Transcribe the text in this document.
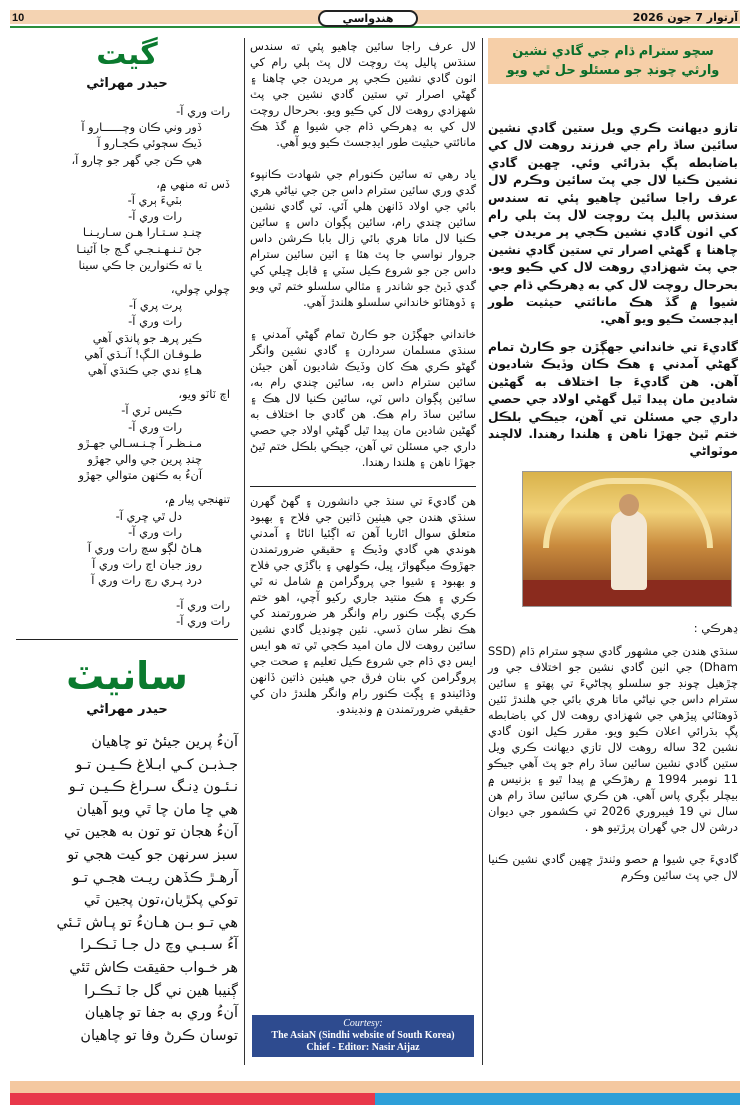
10	هندواسي	آرتوار 7 جون 2026
سچو سترام ڌام جي گادي نشين وارثي چونڊ جو مسئلو حل ٿي ويو

تازو ديهانت ڪري ويل ستين گادي نشين سائين ساڌ رام جي فرزند روهت لال کي باضابطه پڳ بڌرائي وئي. ڇهين گادي نشين ڪنيا لال جي پٽ سائين وڪرم لال عرف راجا سائين چاهيو پئي ته سندس سنڌس پاليل پٽ روچت لال پٽ ٻلي رام کي اٺون گادي نشين ڪجي پر مريدن جي چاهنا ۽ گهڻي اصرار تي ستين گادي نشين جي پٽ شهزادي روهت لال کي ڪيو ويو. بحرحال روچت لال کي به ڍهرڪي ڌام جي شيوا ۾ گڏ هڪ مانائتي حيثيت طور ايڊجسٽ ڪيو ويو آهي.

گاديءَ تي خانداني جهڳڙن جو ڪارڻ تمام گهڻي آمدني ۽ هڪ ڪان وڏيڪ شاديون آهن. هن گاديءَ جا اختلاف به گهڻين شادين مان پيدا ٿيل گهڻي اولاد جي حصي داري جي مسئلن تي آهن، جيڪي بلڪل ختم ٿيڻ جهڙا ناهن ۽ هلندا رهندا. لالچند موٽواڻي

ڍهرڪي :

سنڌي هندن جي مشهور گادي سچو سترام ڌام (SSD Dham) جي اٺين گادي نشين جو اختلاف جي ور چڙهيل چونڊ جو سلسلو پڄاڻيءَ تي پهتو ۽ سائين سترام داس جي نياڻي ماتا هري بائي جي هلندڙ ٽئين ڏوهٽائي پيڙهي جي شهزادي روهت لال کي باضابطه پڳ بڌرائي اعلان ڪيو ويو. مقرر ڪيل اٺون گادي نشين 32 ساله روهت لال تازي ديهانت ڪري ويل ستين گادي نشين سائين ساڌ رام جو پٽ آهي جيڪو 11 نومبر 1994 ۾ رهڙڪي ۾ پيدا ٿيو ۽ بزنيس ۾ بيچلر بڳري پاس آهي. هن ڪري سائين ساڌ رام هن سال ني 19 فيبروري 2026 تي ڪشمور جي ديوان درشن لال جي گهران پرڙتيو هو .

گاديءَ جي شيوا ۾ حصو وٺندڙ ڇهين گادي نشين ڪنيا لال جي پٽ سائين وڪرم

لال عرف راجا سائين چاهيو پئي ته سندس سنڌس پاليل پٽ روچت لال پٽ ٻلي رام کي اٺون گادي نشين ڪجي پر مريدن جي چاهنا ۽ گهڻي اصرار تي ستين گادي نشين جي پٽ شهزادي روهت لال کي ڪيو ويو. بحرحال روچت لال کي به ڍهرڪي ڌام جي شيوا ۾ گڏ هڪ مانائتي حيثيت طور ايڊجسٽ ڪيو ويو آهي.

ياد رهي ته سائين ڪنورام جي شهادت ڪانپوء گدي وري سائين سترام داس جن جي نياڻي هري بائي جي اولاد ڏانهن هلي آئي. ٽي گادي نشين سائين چندي رام، سائين پڳوان داس ۽ سائين ڪنيا لال ماتا هري بائي زال بابا ڪرشن داس جروار نواسي جا پٽ هئا ۽ اٺين سائين سترام داس جن جو شروع ڪيل سٽي ۽ قابل ڇيلي کي گدي ڏيڻ جو شاندر ۽ مثالي سلسلو ختم ٿي ويو ۽ ڏوهٽائو خانداني سلسلو هلندڙ آهي.

خانداني جهڳڙن جو ڪارڻ تمام گهڻي آمدني ۽ سنڌي مسلمان سردارن ۽ گادي نشين وانگر گهڻو ڪري هڪ کان وڏيڪ شاديون آهن جيئن سائين سترام داس به، سائين چندي رام به، سائين پڳوان داس ٽي، سائين ڪنيا لال هڪ ۽ سائين ساڌ رام هڪ. هن گادي جا اختلاف به گهڻين شادين مان پيدا ٿيل گهڻي اولاد جي حصي داري جي مسئلن تي آهن، جيڪي بلڪل ختم ٿيڻ جهڙا ناهن ۽ هلندا رهندا.

هن گاديءَ تي سنڌ جي دانشورن ۽ گهڻ گهرن سنڌي هندن جي هيٺين ڏاتين جي فلاح ۽ بهبود متعلق سوال اٿاريا آهن ته اڳئيا اٺاڻا ۽ آمدني هوندي هي گادي وڏيڪ ۽ حقيقي ضرورتمندن جهڙوڪ ميگهواڙ، ڀيل، ڪولهي ۽ باگڙي جي فلاح و بهبود ۽ شيوا جي پروگرامن ۾ شامل نه ٿي ڪري ۽ هڪ منتيد جاري رکيو آچي، اهو ختم ڪري پڳت ڪنور رام وانگر هر ضرورتمند کي هڪ نظر سان ڏسي. نئين چونڊيل گادي نشين سائين روهت لال مان اميد ڪجي ٿي ته هو ايس ايس ڊي ڌام جي شروع ڪيل تعليم ۽ صحت جي پروگرامن کي بنان فرق جي هيٺين ذاتين ڏانهن وڌائيندو ۽ ڀڳت ڪنور رام وانگر هلندڙ دان کي حقيقي ضرورتمندن ۾ ونڊيندو.

Courtesy:
The AsiaN (Sindhi website of South Korea)
Chief - Editor: Nasir Aijaz
گيت
حيدر مهراڻي
رات وري آ-
ڏور وني ڪان وڄــــــارو آ
ڏيڪ سڄوئي ڪجـارو آ
هي ڪن جي گهر جو چارو آ،
ڏس ته منهي ۾،
بٽيءَ ٻري آ-
رات وري آ-
چنـڊ سـتـارا هـن سـاريـنـا
جڻ تـنـهـنـجـي گـج جا آئينـا
يا ته ڪنوارين جا ڪي سينا
چولي چولي،
پرت پري آ-
رات وري آ-
ڪير پرهـ جو پانڌي آهي
طـوفـان الـڳ! آنـڌي آهي
هـاءِ ندي جي ڪنڌي آهي
اچ ٽاٽو ويو،
ڪيس ٽري آ-
رات وري آ-
مـنـظـر آ چـنـسـالي جهـڙو
چنڊ پرين جي والي جهڙو
آنءُ به ڪنهن متوالي جهڙو
تنهنجي پيار ۾،
دل ٿي ڇري آ-
رات وري آ-
هـاڻ لڳو سڄ رات وري آ
روز جيان اڄ رات وري آ
درد پـري رچ رات وري آ
رات وري آ-
رات وري آ-
سانيٽ
حيدر مهراڻي
آنءُ پرين جيئڻ تو چاهيان
جـذبـن کـي ابـلاغ ڪـيـن تـو
نـئـون ڍنـگ سـراغ ڪـيـن تـو
هي ڇا مان چا ٿي ويو آهيان
آنءُ هجان تو تون به هجين تي
سبز سرنهن جو کيت هجي تو
آرهـڙ ڪڏهن ريـت هجـي تـو
توکي پکڙيان،تون پجين ٿي
هي تـو بـن هـانءُ تو پـاش ٿـئي
آءُ سـبـي وچ دل جـا ٽـڪـرا
هر خـواب حقيقت ڪاش ٿئي
ڳنيبا هين ني گل جا ٽـڪـرا
آنءُ وري به جفا تو چاهيان
توسان ڪرڻ وفا تو چاهيان
